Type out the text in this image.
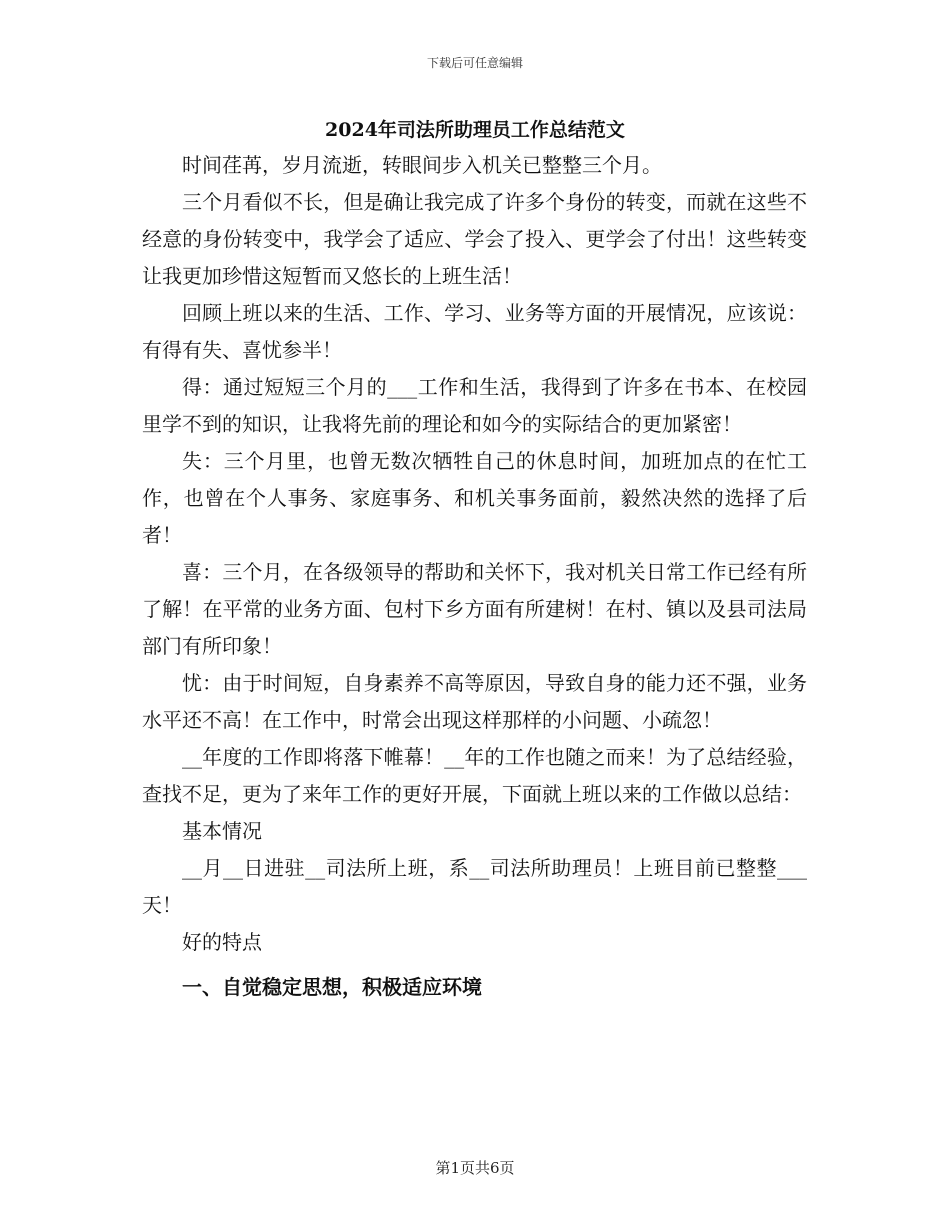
下载后可任意编辑
2024年司法所助理员工作总结范文

时间荏苒，岁月流逝，转眼间步入机关已整整三个月。

三个月看似不长，但是确让我完成了许多个身份的转变，而就在这些不经意的身份转变中，我学会了适应、学会了投入、更学会了付出！这些转变让我更加珍惜这短暂而又悠长的上班生活！

回顾上班以来的生活、工作、学习、业务等方面的开展情况，应该说：有得有失、喜忧参半！

得：通过短短三个月的___工作和生活，我得到了许多在书本、在校园里学不到的知识，让我将先前的理论和如今的实际结合的更加紧密！

失：三个月里，也曾无数次牺牲自己的休息时间，加班加点的在忙工作，也曾在个人事务、家庭事务、和机关事务面前，毅然决然的选择了后者！

喜：三个月，在各级领导的帮助和关怀下，我对机关日常工作已经有所了解！在平常的业务方面、包村下乡方面有所建树！在村、镇以及县司法局部门有所印象！

忧：由于时间短，自身素养不高等原因，导致自身的能力还不强，业务水平还不高！在工作中，时常会出现这样那样的小问题、小疏忽！

__年度的工作即将落下帷幕！__年的工作也随之而来！为了总结经验，查找不足，更为了来年工作的更好开展，下面就上班以来的工作做以总结：

基本情况

__月__日进驻__司法所上班，系__司法所助理员！上班目前已整整___天！

好的特点

一、自觉稳定思想，积极适应环境

第1页共6页
